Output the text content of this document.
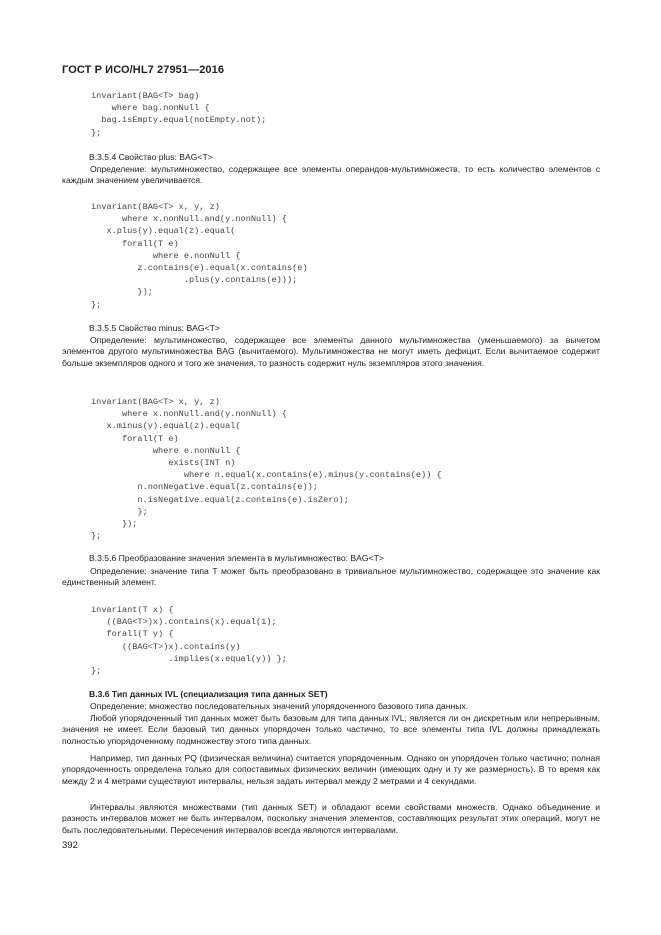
ГОСТ Р ИСО/HL7 27951—2016
invariant(BAG<T> bag)
where bag.nonNull {
bag.isEmpty.equal(notEmpty.not);
};
B.3.5.4 Свойство plus: BAG<T>
Определение: мультимножество, содержащее все элементы операндов-мультимножеств, то есть количество элементов с каждым значением увеличивается.
invariant(BAG<T> x, y, z)
where x.nonNull.and(y.nonNull) {
x.plus(y).equal(z).equal(
forall(T e)
where e.nonNull {
z.contains(e).equal(x.contains(e)
.plus(y.contains(e)));
});
};
B.3.5.5 Свойство minus: BAG<T>
Определение: мультимножество, содержащее все элементы данного мультимножества (уменьшаемого) за вычетом элементов другого мультимножества BAG (вычитаемого). Мультимножества не могут иметь дефицит. Если вычитаемое содержит больше экземпляров одного и того же значения, то разность содержит нуль экземпляров этого значения.
invariant(BAG<T> x, y, z)
where x.nonNull.and(y.nonNull) {
x.minus(y).equal(z).equal(
forall(T e)
where e.nonNull {
exists(INT n)
where n.equal(x.contains(e).minus(y.contains(e)) {
n.nonNegative.equal(z.contains(e));
n.isNegative.equal(z.contains(e).isZero);
};
});
};
B.3.5.6 Преобразование значения элемента в мультимножество: BAG<T>
Определение: значение типа T может быть преобразовано в тривиальное мультимножество, содержащее это значение как единственный элемент.
invariant(T x) {
((BAG<T>)x).contains(x).equal(1);
forall(T y) {
((BAG<T>)x).contains(y)
.implies(x.equal(y)) };
};
B.3.6 Тип данных IVL (специализация типа данных SET)
Определение: множество последовательных значений упорядоченного базового типа данных.
Любой упорядоченный тип данных может быть базовым для типа данных IVL; является ли он дискретным или непрерывным, значения не имеет. Если базовый тип данных упорядочен только частично, то все элементы типа IVL должны принадлежать полностью упорядоченному подмножеству этого типа данных.
Например, тип данных PQ (физическая величина) считается упорядоченным. Однако он упорядочен только частично; полная упорядоченность определена только для сопоставимых физических величин (имеющих одну и ту же размерность). В то время как между 2 и 4 метрами существуют интервалы, нельзя задать интервал между 2 метрами и 4 секундами.
Интервалы являются множествами (тип данных SET) и обладают всеми свойствами множеств. Однако объединение и разность интервалов может не быть интервалом, поскольку значения элементов, составляющих результат этих операций, могут не быть последовательными. Пересечения интервалов всегда являются интервалами.
392
